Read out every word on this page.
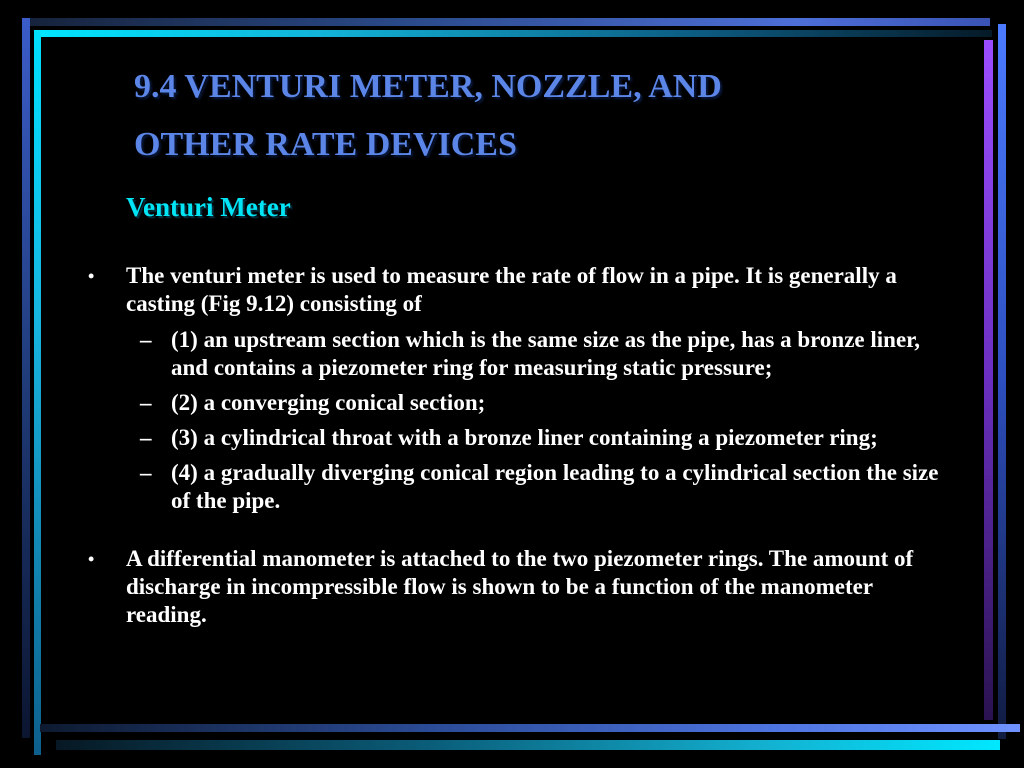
9.4 VENTURI METER, NOZZLE, AND
OTHER RATE DEVICES
Venturi Meter
• The venturi meter is used to measure the rate of flow in a pipe. It is generally a casting (Fig 9.12) consisting of
– (1) an upstream section which is the same size as the pipe, has a bronze liner, and contains a piezometer ring for measuring static pressure;
– (2) a converging conical section;
– (3) a cylindrical throat with a bronze liner containing a piezometer ring;
– (4) a gradually diverging conical region leading to a cylindrical section the size of the pipe.
• A differential manometer is attached to the two piezometer rings. The amount of discharge in incompressible flow is shown to be a function of the manometer reading.
